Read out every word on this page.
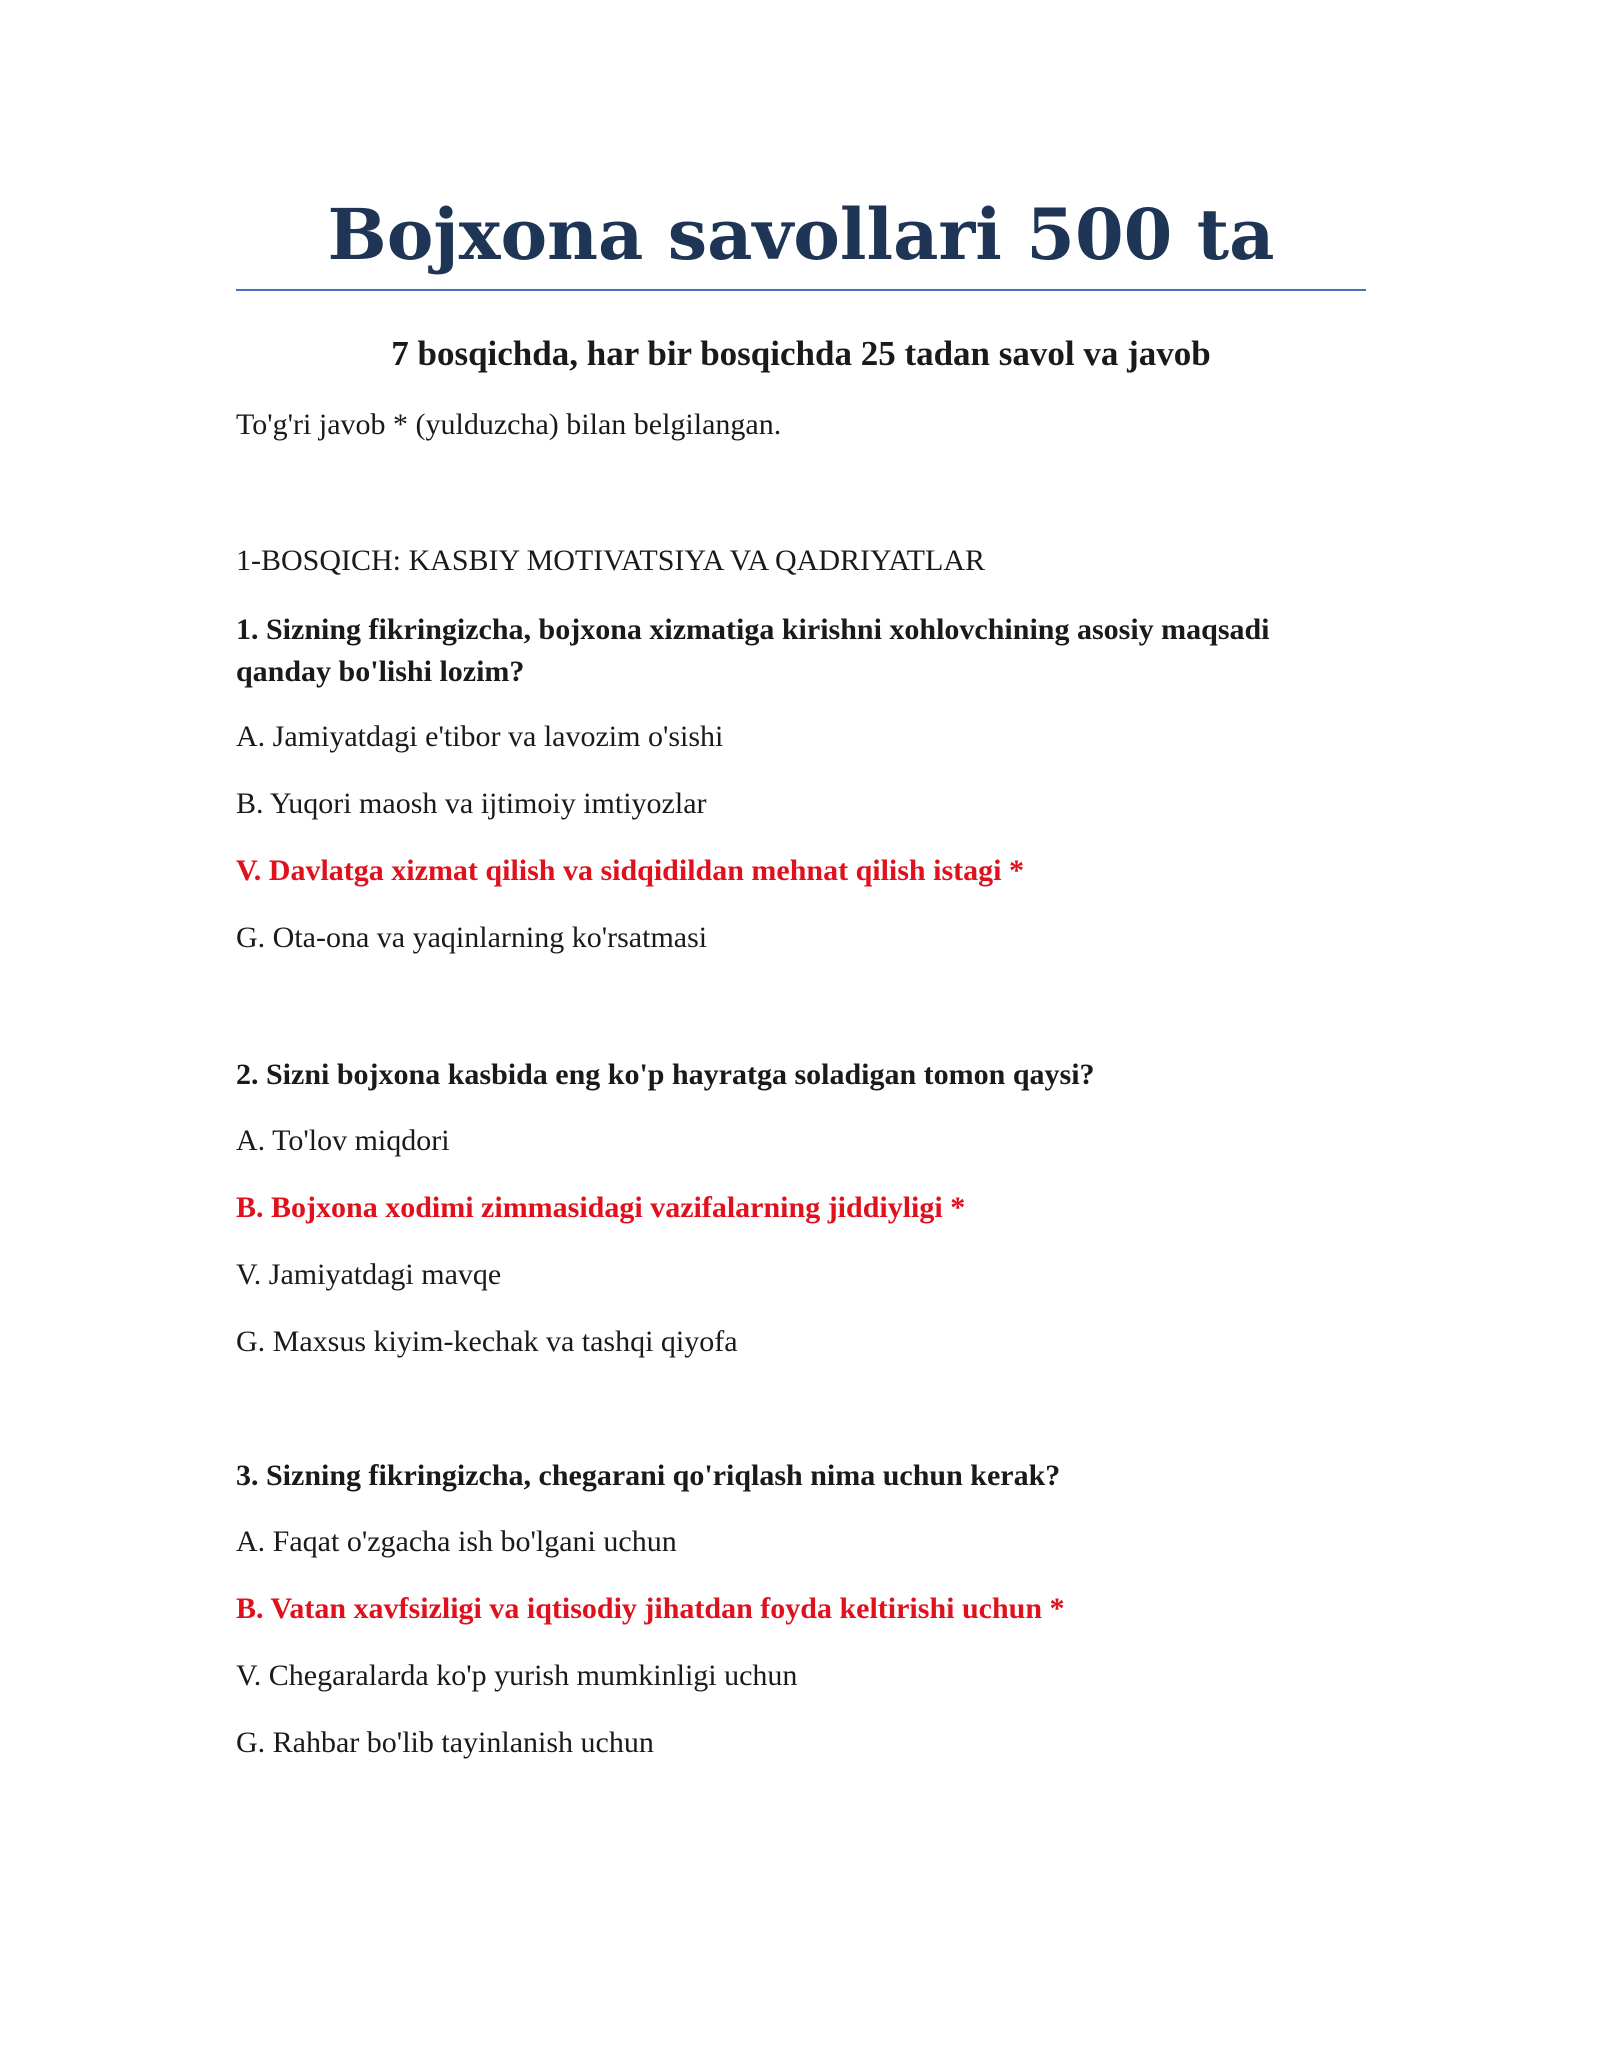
Bojxona savollari 500 ta
7 bosqichda, har bir bosqichda 25 tadan savol va javob

To'g'ri javob * (yulduzcha) bilan belgilangan.

1-BOSQICH: KASBIY MOTIVATSIYA VA QADRIYATLAR

1. Sizning fikringizcha, bojxona xizmatiga kirishni xohlovchining asosiy maqsadi qanday bo'lishi lozim?

A. Jamiyatdagi e'tibor va lavozim o'sishi

B. Yuqori maosh va ijtimoiy imtiyozlar

V. Davlatga xizmat qilish va sidqidildan mehnat qilish istagi *

G. Ota-ona va yaqinlarning ko'rsatmasi

2. Sizni bojxona kasbida eng ko'p hayratga soladigan tomon qaysi?

A. To'lov miqdori

B. Bojxona xodimi zimmasidagi vazifalarning jiddiyligi *

V. Jamiyatdagi mavqe

G. Maxsus kiyim-kechak va tashqi qiyofa

3. Sizning fikringizcha, chegarani qo'riqlash nima uchun kerak?

A. Faqat o'zgacha ish bo'lgani uchun

B. Vatan xavfsizligi va iqtisodiy jihatdan foyda keltirishi uchun *

V. Chegaralarda ko'p yurish mumkinligi uchun

G. Rahbar bo'lib tayinlanish uchun
